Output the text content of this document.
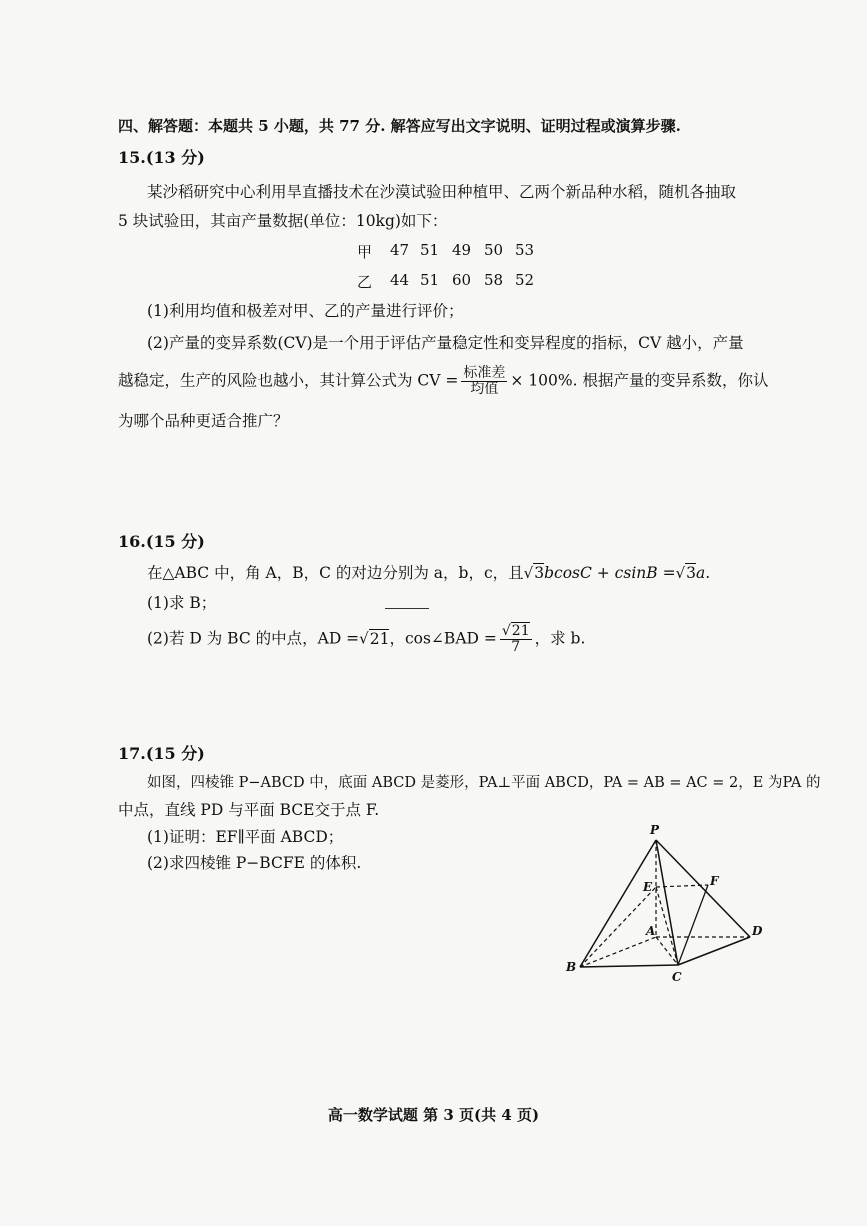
四、解答题：本题共 5 小题，共 77 分. 解答应写出文字说明、证明过程或演算步骤.
15.(13 分)
某沙稻研究中心利用旱直播技术在沙漠试验田种植甲、乙两个新品种水稻，随机各抽取
5 块试验田，其亩产量数据(单位：10kg)如下：
甲 47 51 49 50 53
乙 44 51 60 58 52
(1)利用均值和极差对甲、乙的产量进行评价；
(2)产量的变异系数(CV)是一个用于评估产量稳定性和变异程度的指标，CV 越小，产量
越稳定，生产的风险也越小，其计算公式为 CV = $\frac{\text{标准差}}{\text{均值}} \times 100\%$. 根据产量的变异系数，你认
为哪个品种更适合推广？
16.(15 分)
在△ABC 中，角 A，B，C 的对边分别为 a，b，c，且√3bcosC + csinB =√3a.
(1)求 B；
(2)若 D 为 BC 的中点，AD =√21，cos∠BAD = $\frac{√21}{7}$ ，求 b.
17.(15 分)
如图，四棱锥 P−ABCD 中，底面 ABCD 是菱形，PA⊥平面 ABCD，PA = AB = AC = 2，E 为PA 的
中点，直线 PD 与平面 BCE交于点 F.
(1)证明：EF∥平面 ABCD；
(2)求四棱锥 P−BCFE 的体积.
P
E	F
A
B
C
D
高一数学试题 第 3 页(共 4 页)
